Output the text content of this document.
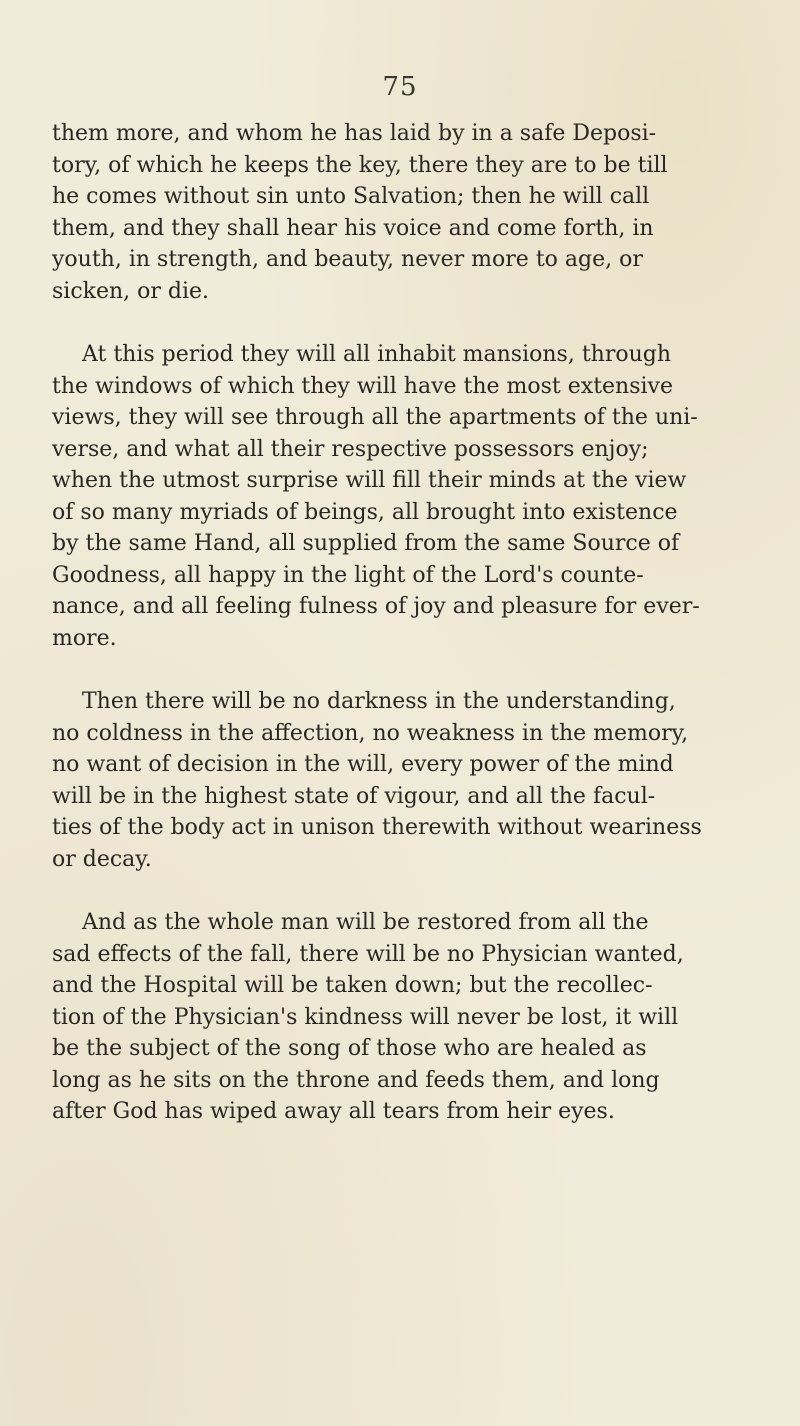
75

them more, and whom he has laid by in a safe Deposi-
tory, of which he keeps the key, there they are to be till
he comes without sin unto Salvation; then he will call
them, and they shall hear his voice and come forth, in
youth, in strength, and beauty, never more to age, or
sicken, or die.

At this period they will all inhabit mansions, through
the windows of which they will have the most extensive
views, they will see through all the apartments of the uni-
verse, and what all their respective possessors enjoy;
when the utmost surprise will fill their minds at the view
of so many myriads of beings, all brought into existence
by the same Hand, all supplied from the same Source of
Goodness, all happy in the light of the Lord's counte-
nance, and all feeling fulness of joy and pleasure for ever-
more.

Then there will be no darkness in the understanding,
no coldness in the affection, no weakness in the memory,
no want of decision in the will, every power of the mind
will be in the highest state of vigour, and all the facul-
ties of the body act in unison therewith without weariness
or decay.

And as the whole man will be restored from all the
sad effects of the fall, there will be no Physician wanted,
and the Hospital will be taken down; but the recollec-
tion of the Physician's kindness will never be lost, it will
be the subject of the song of those who are healed as
long as he sits on the throne and feeds them, and long
after God has wiped away all tears from heir eyes.
